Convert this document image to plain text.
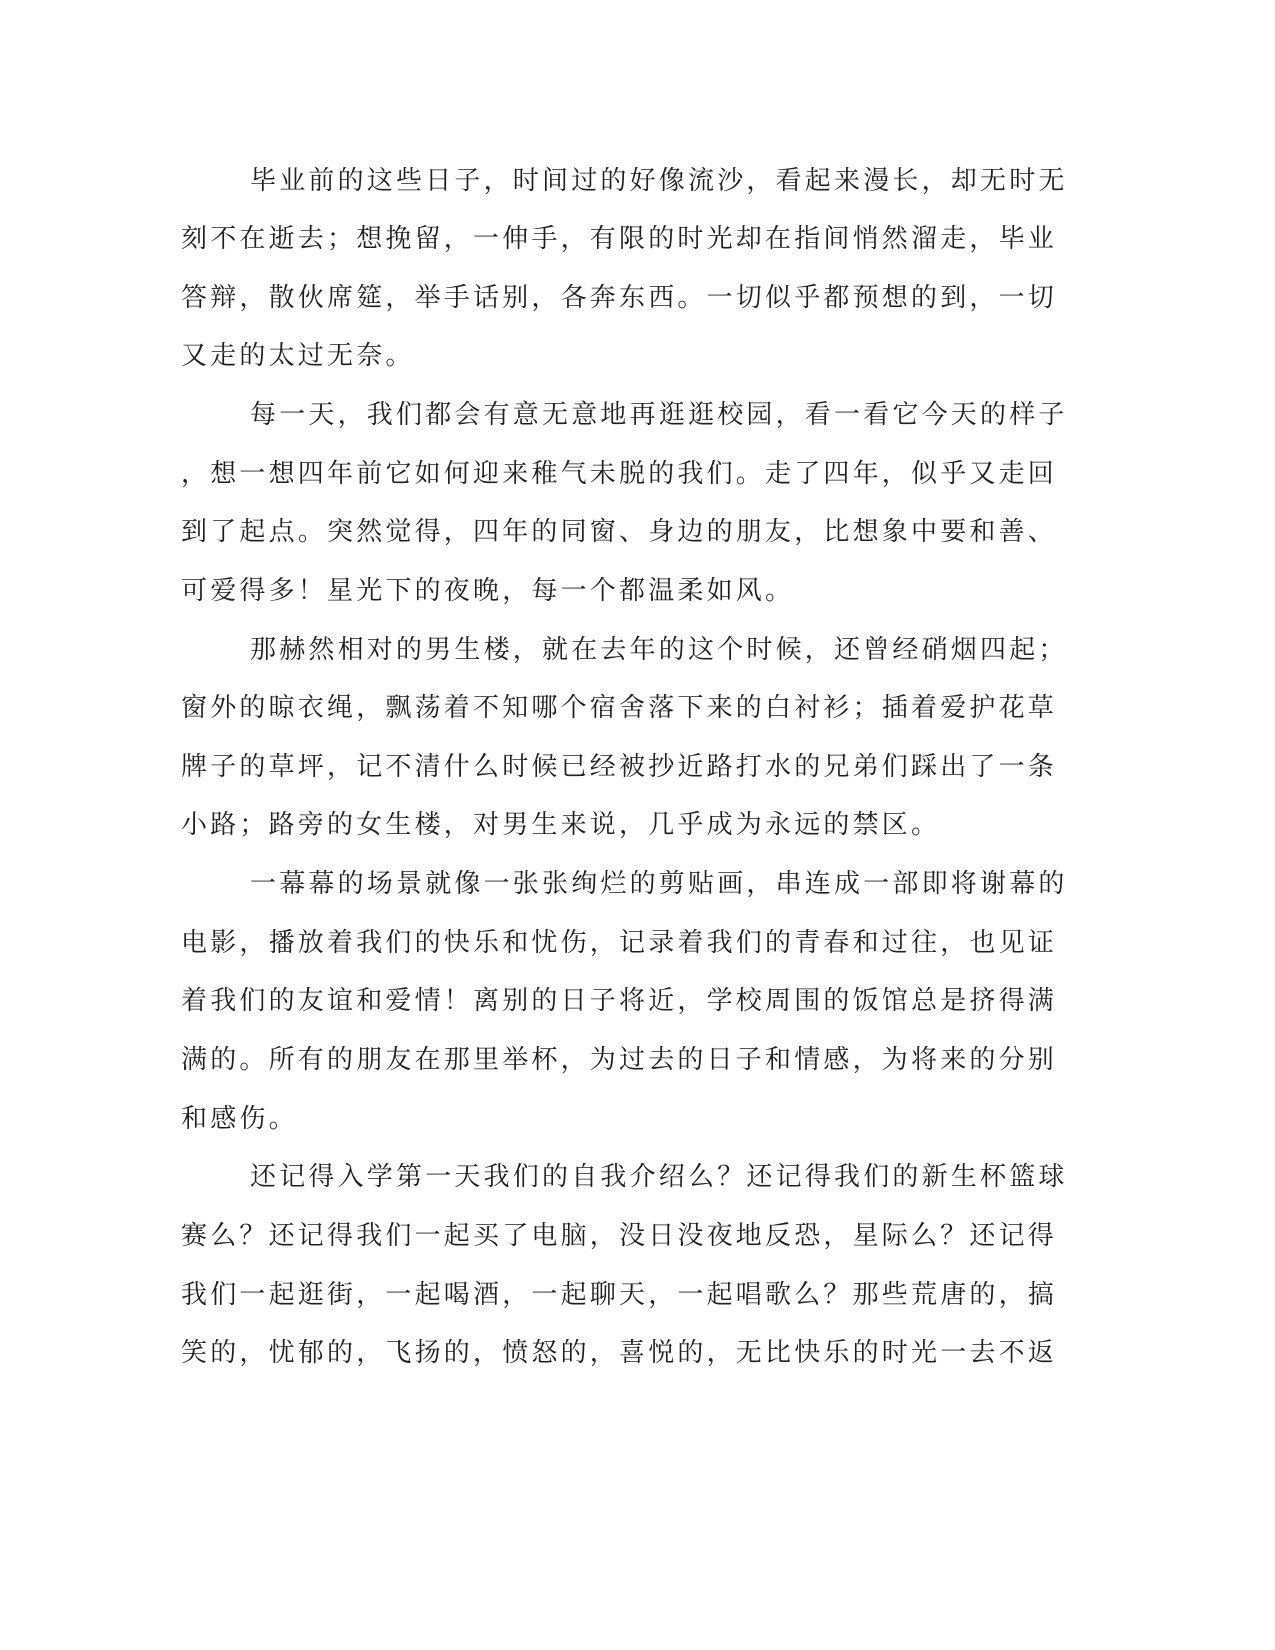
毕业前的这些日子，时间过的好像流沙，看起来漫长，却无时无
刻不在逝去；想挽留，一伸手，有限的时光却在指间悄然溜走，毕业
答辩，散伙席筵，举手话别，各奔东西。一切似乎都预想的到，一切
又走的太过无奈。
每一天，我们都会有意无意地再逛逛校园，看一看它今天的样子
，想一想四年前它如何迎来稚气未脱的我们。走了四年，似乎又走回
到了起点。突然觉得，四年的同窗、身边的朋友，比想象中要和善、
可爱得多！星光下的夜晚，每一个都温柔如风。
那赫然相对的男生楼，就在去年的这个时候，还曾经硝烟四起；
窗外的晾衣绳，飘荡着不知哪个宿舍落下来的白衬衫；插着爱护花草
牌子的草坪，记不清什么时候已经被抄近路打水的兄弟们踩出了一条
小路；路旁的女生楼，对男生来说，几乎成为永远的禁区。
一幕幕的场景就像一张张绚烂的剪贴画，串连成一部即将谢幕的
电影，播放着我们的快乐和忧伤，记录着我们的青春和过往，也见证
着我们的友谊和爱情！离别的日子将近，学校周围的饭馆总是挤得满
满的。所有的朋友在那里举杯，为过去的日子和情感，为将来的分别
和感伤。
还记得入学第一天我们的自我介绍么？还记得我们的新生杯篮球
赛么？还记得我们一起买了电脑，没日没夜地反恐，星际么？还记得
我们一起逛街，一起喝酒，一起聊天，一起唱歌么？那些荒唐的，搞
笑的，忧郁的，飞扬的，愤怒的，喜悦的，无比快乐的时光一去不返
